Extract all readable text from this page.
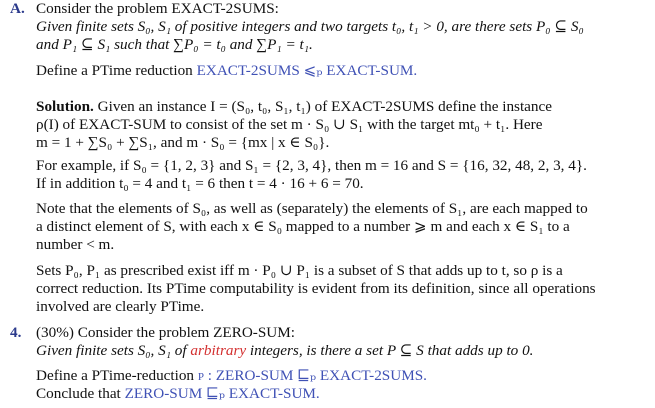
A. Consider the problem EXACT-2SUMS:
Given finite sets S₀, S₁ of positive integers and two targets t₀, t₁ > 0, are there sets P₀ ⊆ S₀
and P₁ ⊆ S₁ such that ∑P₀ = t₀ and ∑P₁ = t₁.
Define a PTime reduction EXACT-2SUMS ⩽ₚ EXACT-SUM.
Solution. Given an instance I = (S₀, t₀, S₁, t₁) of EXACT-2SUMS define the instance
ρ(I) of EXACT-SUM to consist of the set m · S₀ ∪ S₁ with the target mt₀ + t₁. Here
m = 1 + ∑S₀ + ∑S₁, and m · S₀ = {mx | x ∈ S₀}.
For example, if S₀ = {1, 2, 3} and S₁ = {2, 3, 4}, then m = 16 and S = {16, 32, 48, 2, 3, 4}.
If in addition t₀ = 4 and t₁ = 6 then t = 4 · 16 + 6 = 70.
Note that the elements of S₀, as well as (separately) the elements of S₁, are each mapped to
a distinct element of S, with each x ∈ S₀ mapped to a number ⩾ m and each x ∈ S₁ to a
number < m.
Sets P₀, P₁ as prescribed exist iff m · P₀ ∪ P₁ is a subset of S that adds up to t, so ρ is a
correct reduction. Its PTime computability is evident from its definition, since all operations
involved are clearly PTime.
4. (30%) Consider the problem ZERO-SUM:
Given finite sets S₀, S₁ of arbitrary integers, is there a set P ⊆ S that adds up to 0.
Define a PTime-reduction ρ : ZERO-SUM ⊑ₚ EXACT-2SUMS.
Conclude that ZERO-SUM ⊑ₚ EXACT-SUM.
